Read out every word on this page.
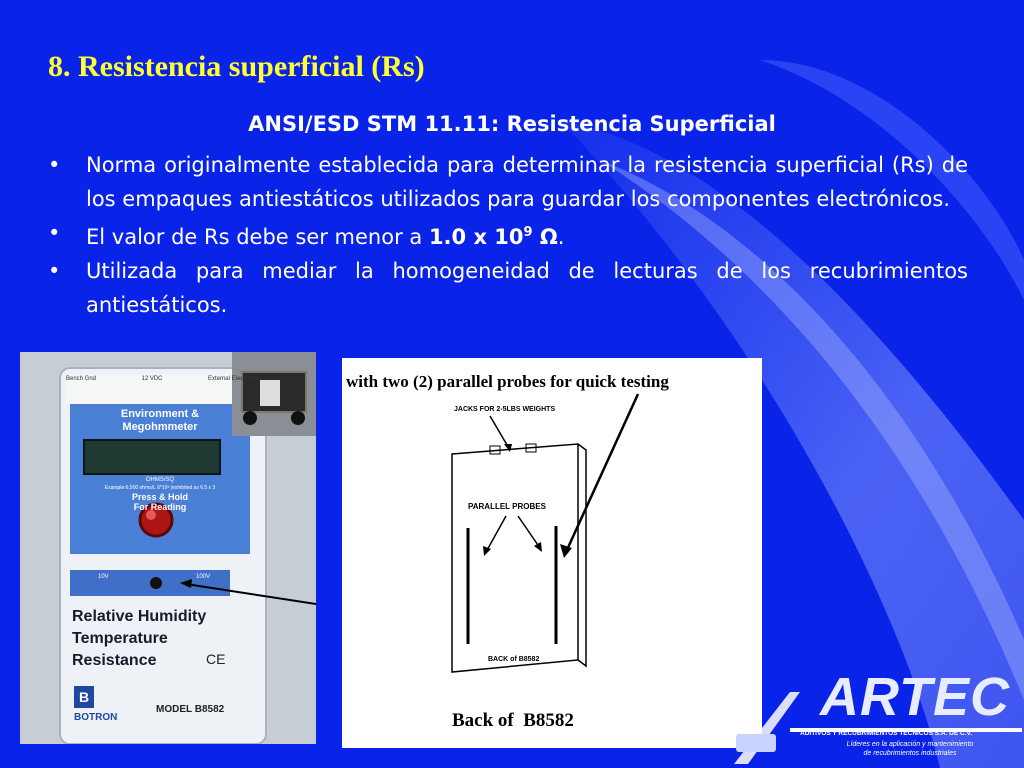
8. Resistencia superficial (Rs)
ANSI/ESD STM 11.11: Resistencia Superficial
• Norma originalmente establecida para determinar la resistencia superficial (Rs) de los empaques antiestáticos utilizados para guardar los componentes electrónicos.
• El valor de Rs debe ser menor a 1.0 x $10^9$ Ω.
• Utilizada para mediar la homogeneidad de lecturas de los recubrimientos antiestáticos.
Bench Gnd	12 VDC	External Electrodes
Environment &
Megohmmeter
OHMS/SQ
Example:6,500 ohms/L 6*10³ (exhibited as 6.5 x 3
Press & Hold
For Reading
10V	100V
Relative Humidity
Temperature
Resistance	CE
B
BOTRON
MODEL B8582
with two (2) parallel probes for quick testing
JACKS FOR 2-5LBS WEIGHTS
PARALLEL PROBES
BACK of B8582
Back of  B8582	ARTEC
ADITIVOS Y RECUBRIMIENTOS TECNICOS S.A. DE C.V.
Líderes en la aplicación y mantenimiento
de recubrimientos industriales
